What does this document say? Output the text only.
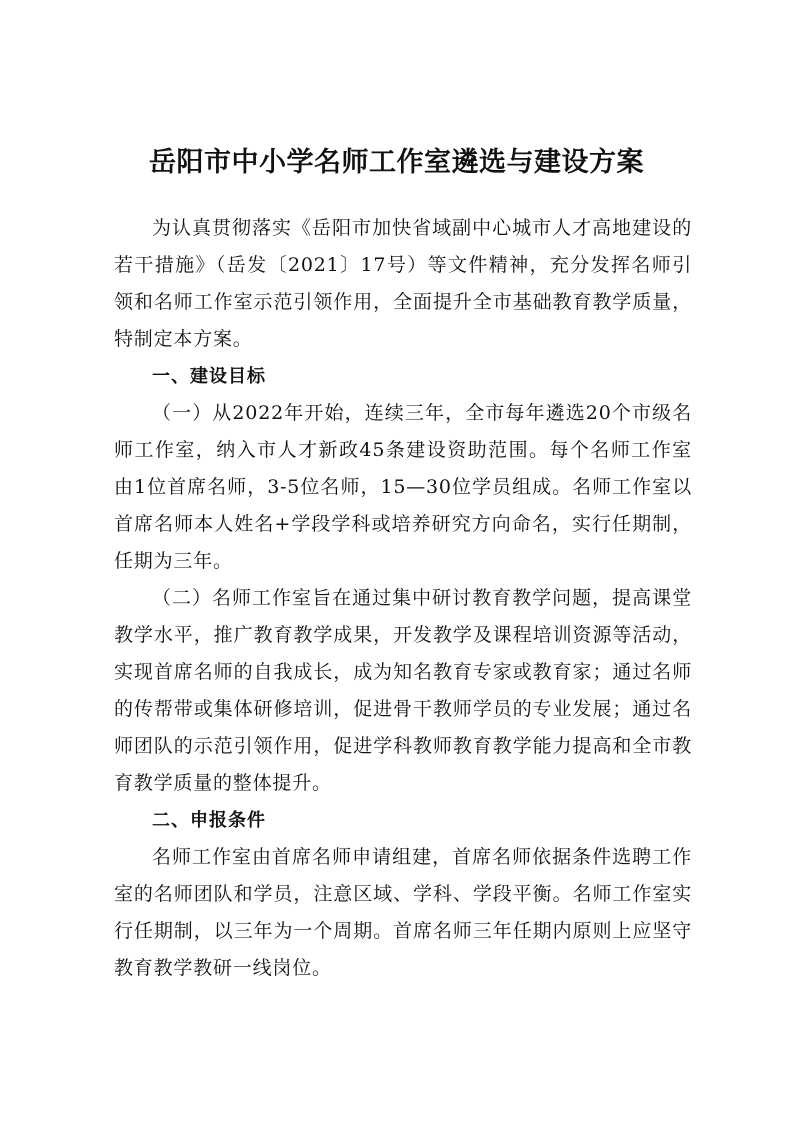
岳阳市中小学名师工作室遴选与建设方案

为认真贯彻落实《岳阳市加快省域副中心城市人才高地建设的若干措施》（岳发〔2021〕17号）等文件精神，充分发挥名师引领和名师工作室示范引领作用，全面提升全市基础教育教学质量，特制定本方案。

一、建设目标

（一）从2022年开始，连续三年，全市每年遴选20个市级名师工作室，纳入市人才新政45条建设资助范围。每个名师工作室由1位首席名师，3-5位名师，15—30位学员组成。名师工作室以首席名师本人姓名+学段学科或培养研究方向命名，实行任期制，任期为三年。

（二）名师工作室旨在通过集中研讨教育教学问题，提高课堂教学水平，推广教育教学成果，开发教学及课程培训资源等活动，实现首席名师的自我成长，成为知名教育专家或教育家；通过名师的传帮带或集体研修培训，促进骨干教师学员的专业发展；通过名师团队的示范引领作用，促进学科教师教育教学能力提高和全市教育教学质量的整体提升。

二、申报条件

名师工作室由首席名师申请组建，首席名师依据条件选聘工作室的名师团队和学员，注意区域、学科、学段平衡。名师工作室实行任期制，以三年为一个周期。首席名师三年任期内原则上应坚守教育教学教研一线岗位。
